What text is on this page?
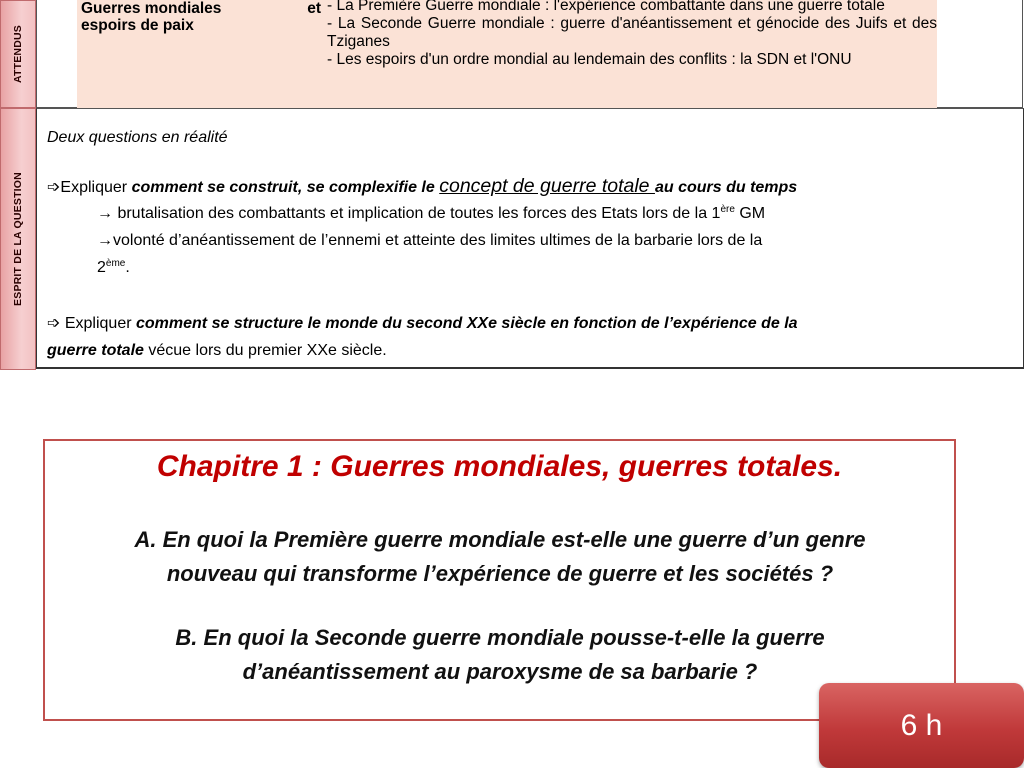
ATTENDUS
ESPRIT DE LA QUESTION
Guerres mondiales	et
espoirs de paix
- La Première Guerre mondiale : l'expérience combattante dans une guerre totale
- La Seconde Guerre mondiale : guerre d'anéantissement et génocide des Juifs et des Tziganes
- Les espoirs d'un ordre mondial au lendemain des conflits : la SDN et l'ONU
Deux questions en réalité
➩Expliquer comment se construit, se complexifie le concept de guerre totale au cours du temps
→ brutalisation des combattants et implication de toutes les forces des Etats lors de la 1ère GM
→volonté d’anéantissement de l’ennemi et atteinte des limites ultimes de la barbarie lors de la
2ème.
➩ Expliquer comment se structure le monde du second XXe siècle en fonction de l’expérience de la
guerre totale vécue lors du premier XXe siècle.
Chapitre 1 : Guerres mondiales, guerres totales.
A. En quoi la Première guerre mondiale est-elle une guerre d’un genre
nouveau qui transforme l’expérience de guerre et les sociétés ?
B. En quoi la Seconde guerre mondiale pousse-t-elle la guerre
d’anéantissement au paroxysme de sa barbarie ?
6 h
